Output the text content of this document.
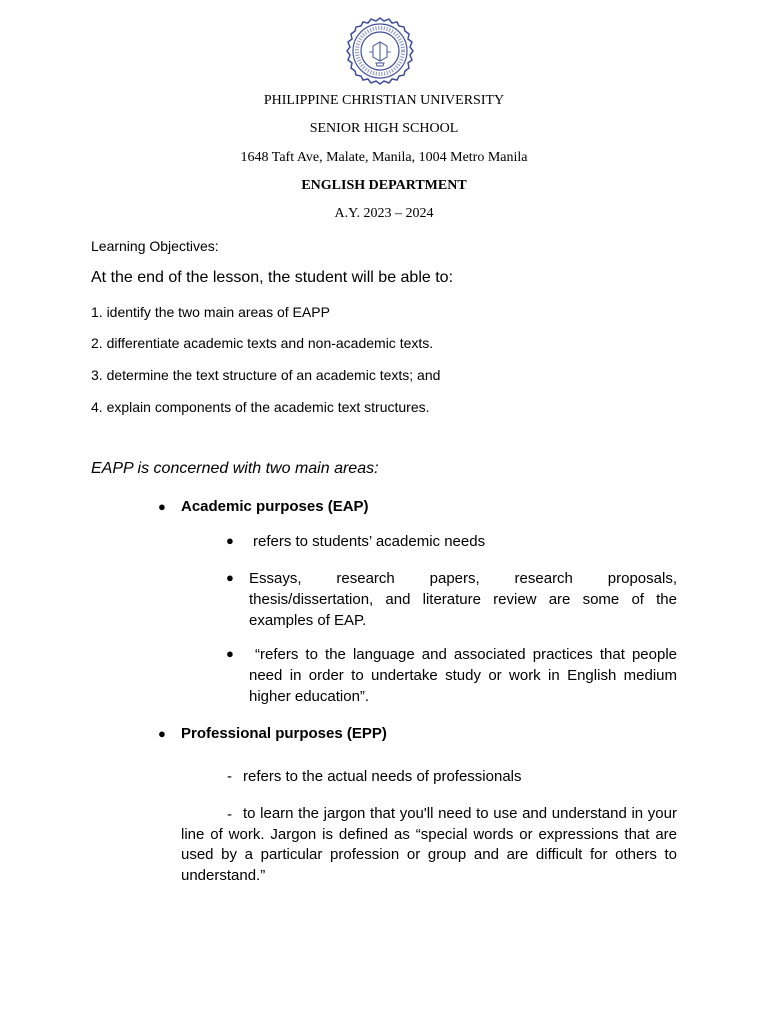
PHILIPPINE CHRISTIAN UNIVERSITY
SENIOR HIGH SCHOOL
1648 Taft Ave, Malate, Manila, 1004 Metro Manila
ENGLISH DEPARTMENT
A.Y. 2023 – 2024
Learning Objectives:
At the end of the lesson, the student will be able to:
1. identify the two main areas of EAPP
2. differentiate academic texts and non-academic texts.
3. determine the text structure of an academic texts; and
4. explain components of the academic text structures.
EAPP is concerned with two main areas:
● Academic purposes (EAP)
● refers to students’ academic needs
● Essays, research papers, research proposals, thesis/dissertation, and literature review are some of the examples of EAP.
●	“refers to the language and associated practices that people need in order to undertake study or work in English medium higher education”.
● Professional purposes (EPP)
- refers to the actual needs of professionals
- to learn the jargon that you'll need to use and understand in your line of work. Jargon is defined as “special words or expressions that are used by a particular profession or group and are difficult for others to understand.”
